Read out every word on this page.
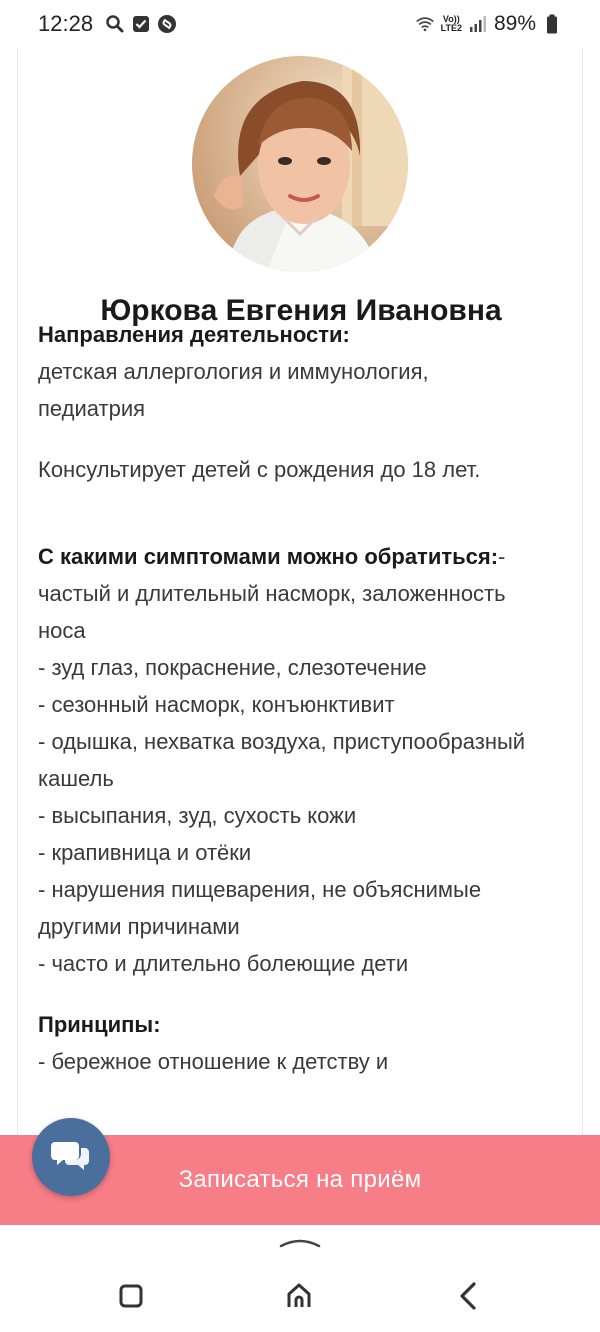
12:28	Vo))
LTE2 89%
Юркова Евгения Ивановна
Направления деятельности:
детская аллергология и иммунология, педиатрия
Консультирует детей с рождения до 18 лет.
С какими симптомами можно обратиться:-частый и длительный насморк, заложенность носа
- зуд глаз, покраснение, слезотечение
- сезонный насморк, конъюнктивит
- одышка, нехватка воздуха, приступообразный кашель
- высыпания, зуд, сухость кожи
- крапивница и отёки
- нарушения пищеварения, не объяснимые другими причинами
- часто и длительно болеющие дети
Принципы:
- бережное отношение к детству и
Записаться на приём
